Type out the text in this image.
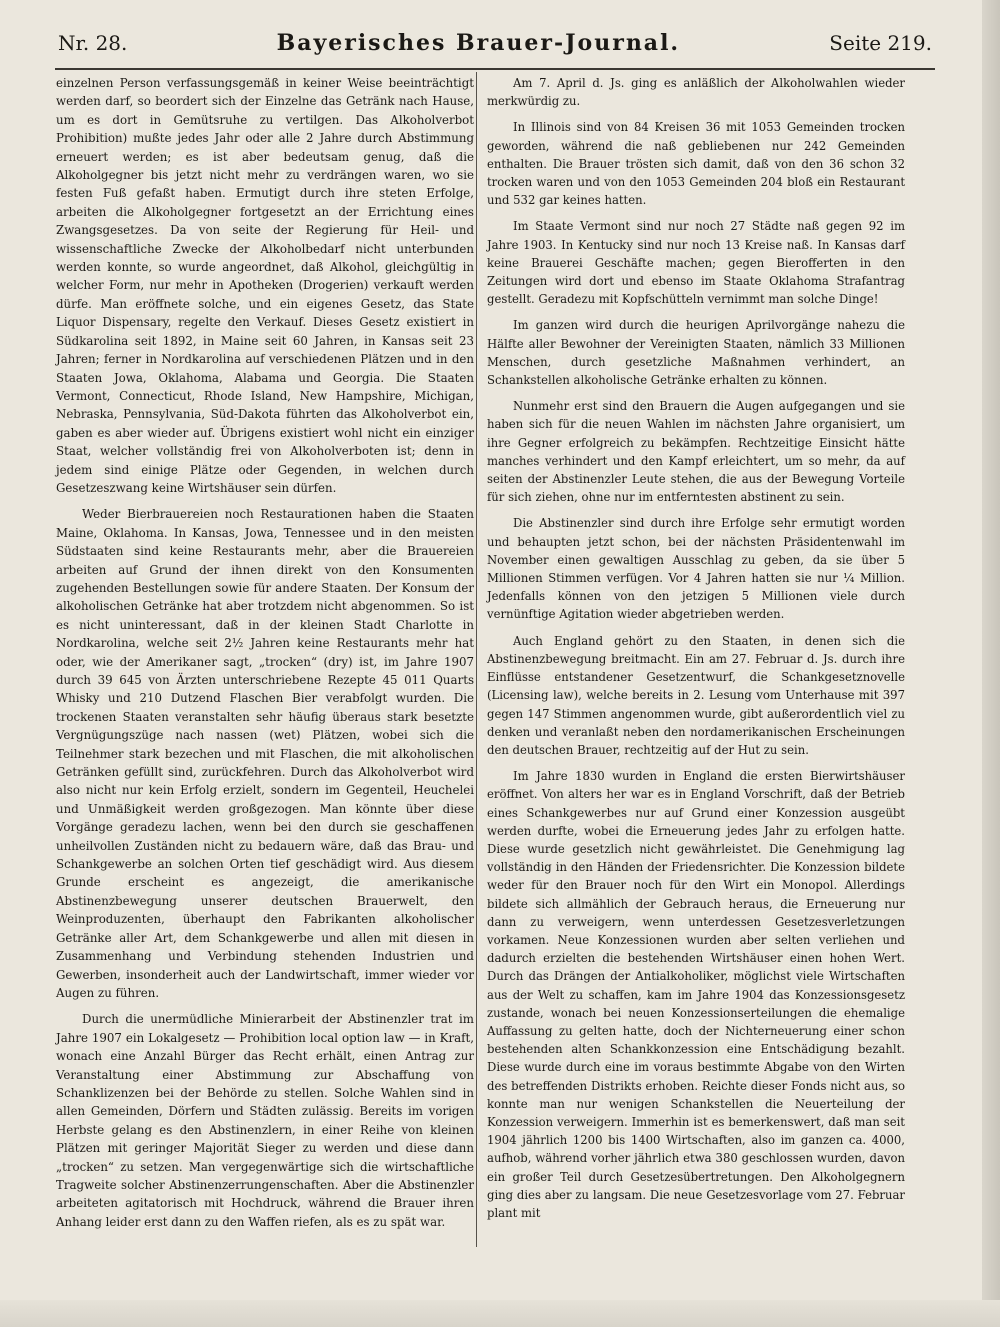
Nr. 28.	Bayerisches Brauer-Journal.	Seite 219.

einzelnen Person verfassungsgemäß in keiner Weise beeinträchtigt werden darf, so beordert sich der Einzelne das Getränk nach Hause, um es dort in Gemütsruhe zu vertilgen. Das Alkoholverbot Prohibition) mußte jedes Jahr oder alle 2 Jahre durch Abstimmung erneuert werden; es ist aber bedeutsam genug, daß die Alkoholgegner bis jetzt nicht mehr zu verdrängen waren, wo sie festen Fuß gefaßt haben. Ermutigt durch ihre steten Erfolge, arbeiten die Alkoholgegner fortgesetzt an der Errichtung eines Zwangsgesetzes. Da von seite der Regierung für Heil- und wissenschaftliche Zwecke der Alkoholbedarf nicht unterbunden werden konnte, so wurde angeordnet, daß Alkohol, gleichgültig in welcher Form, nur mehr in Apotheken (Drogerien) verkauft werden dürfe. Man eröffnete solche, und ein eigenes Gesetz, das State Liquor Dispensary, regelte den Verkauf. Dieses Gesetz existiert in Südkarolina seit 1892, in Maine seit 60 Jahren, in Kansas seit 23 Jahren; ferner in Nordkarolina auf verschiedenen Plätzen und in den Staaten Jowa, Oklahoma, Alabama und Georgia. Die Staaten Vermont, Connecticut, Rhode Island, New Hampshire, Michigan, Nebraska, Pennsylvania, Süd-Dakota führten das Alkoholverbot ein, gaben es aber wieder auf. Übrigens existiert wohl nicht ein einziger Staat, welcher vollständig frei von Alkoholverboten ist; denn in jedem sind einige Plätze oder Gegenden, in welchen durch Gesetzeszwang keine Wirtshäuser sein dürfen.

Weder Bierbrauereien noch Restaurationen haben die Staaten Maine, Oklahoma. In Kansas, Jowa, Tennessee und in den meisten Südstaaten sind keine Restaurants mehr, aber die Brauereien arbeiten auf Grund der ihnen direkt von den Konsumenten zugehenden Bestellungen sowie für andere Staaten. Der Konsum der alkoholischen Getränke hat aber trotzdem nicht abgenommen. So ist es nicht uninteressant, daß in der kleinen Stadt Charlotte in Nordkarolina, welche seit 2½ Jahren keine Restaurants mehr hat oder, wie der Amerikaner sagt, „trocken“ (dry) ist, im Jahre 1907 durch 39 645 von Ärzten unterschriebene Rezepte 45 011 Quarts Whisky und 210 Dutzend Flaschen Bier verabfolgt wurden. Die trockenen Staaten veranstalten sehr häufig überaus stark besetzte Vergnügungszüge nach nassen (wet) Plätzen, wobei sich die Teilnehmer stark bezechen und mit Flaschen, die mit alkoholischen Getränken gefüllt sind, zurückfehren. Durch das Alkoholverbot wird also nicht nur kein Erfolg erzielt, sondern im Gegenteil, Heuchelei und Unmäßigkeit werden großgezogen. Man könnte über diese Vorgänge geradezu lachen, wenn bei den durch sie geschaffenen unheilvollen Zuständen nicht zu bedauern wäre, daß das Brau- und Schankgewerbe an solchen Orten tief geschädigt wird. Aus diesem Grunde erscheint es angezeigt, die amerikanische Abstinenzbewegung unserer deutschen Brauerwelt, den Weinproduzenten, überhaupt den Fabrikanten alkoholischer Getränke aller Art, dem Schankgewerbe und allen mit diesen in Zusammenhang und Verbindung stehenden Industrien und Gewerben, insonderheit auch der Landwirtschaft, immer wieder vor Augen zu führen.

Durch die unermüdliche Minierarbeit der Abstinenzler trat im Jahre 1907 ein Lokalgesetz — Prohibition local option law — in Kraft, wonach eine Anzahl Bürger das Recht erhält, einen Antrag zur Veranstaltung einer Abstimmung zur Abschaffung von Schanklizenzen bei der Behörde zu stellen. Solche Wahlen sind in allen Gemeinden, Dörfern und Städten zulässig. Bereits im vorigen Herbste gelang es den Abstinenzlern, in einer Reihe von kleinen Plätzen mit geringer Majorität Sieger zu werden und diese dann „trocken“ zu setzen. Man vergegenwärtige sich die wirtschaftliche Tragweite solcher Abstinenzerrungenschaften. Aber die Abstinenzler arbeiteten agitatorisch mit Hochdruck, während die Brauer ihren Anhang leider erst dann zu den Waffen riefen, als es zu spät war.

Am 7. April d. Js. ging es anläßlich der Alkoholwahlen wieder merkwürdig zu.

In Illinois sind von 84 Kreisen 36 mit 1053 Gemeinden trocken geworden, während die naß gebliebenen nur 242 Gemeinden enthalten. Die Brauer trösten sich damit, daß von den 36 schon 32 trocken waren und von den 1053 Gemeinden 204 bloß ein Restaurant und 532 gar keines hatten.

Im Staate Vermont sind nur noch 27 Städte naß gegen 92 im Jahre 1903. In Kentucky sind nur noch 13 Kreise naß. In Kansas darf keine Brauerei Geschäfte machen; gegen Bierofferten in den Zeitungen wird dort und ebenso im Staate Oklahoma Strafantrag gestellt. Geradezu mit Kopfschütteln vernimmt man solche Dinge!

Im ganzen wird durch die heurigen Aprilvorgänge nahezu die Hälfte aller Bewohner der Vereinigten Staaten, nämlich 33 Millionen Menschen, durch gesetzliche Maßnahmen verhindert, an Schankstellen alkoholische Getränke erhalten zu können.

Nunmehr erst sind den Brauern die Augen aufgegangen und sie haben sich für die neuen Wahlen im nächsten Jahre organisiert, um ihre Gegner erfolgreich zu bekämpfen. Rechtzeitige Einsicht hätte manches verhindert und den Kampf erleichtert, um so mehr, da auf seiten der Abstinenzler Leute stehen, die aus der Bewegung Vorteile für sich ziehen, ohne nur im entferntesten abstinent zu sein.

Die Abstinenzler sind durch ihre Erfolge sehr ermutigt worden und behaupten jetzt schon, bei der nächsten Präsidentenwahl im November einen gewaltigen Ausschlag zu geben, da sie über 5 Millionen Stimmen verfügen. Vor 4 Jahren hatten sie nur ¼ Million. Jedenfalls können von den jetzigen 5 Millionen viele durch vernünftige Agitation wieder abgetrieben werden.

Auch England gehört zu den Staaten, in denen sich die Abstinenzbewegung breitmacht. Ein am 27. Februar d. Js. durch ihre Einflüsse entstandener Gesetzentwurf, die Schankgesetznovelle (Licensing law), welche bereits in 2. Lesung vom Unterhause mit 397 gegen 147 Stimmen angenommen wurde, gibt außerordentlich viel zu denken und veranlaßt neben den nordamerikanischen Erscheinungen den deutschen Brauer, rechtzeitig auf der Hut zu sein.

Im Jahre 1830 wurden in England die ersten Bierwirtshäuser eröffnet. Von alters her war es in England Vorschrift, daß der Betrieb eines Schankgewerbes nur auf Grund einer Konzession ausgeübt werden durfte, wobei die Erneuerung jedes Jahr zu erfolgen hatte. Diese wurde gesetzlich nicht gewährleistet. Die Genehmigung lag vollständig in den Händen der Friedensrichter. Die Konzession bildete weder für den Brauer noch für den Wirt ein Monopol. Allerdings bildete sich allmählich der Gebrauch heraus, die Erneuerung nur dann zu verweigern, wenn unterdessen Gesetzesverletzungen vorkamen. Neue Konzessionen wurden aber selten verliehen und dadurch erzielten die bestehenden Wirtshäuser einen hohen Wert. Durch das Drängen der Antialkoholiker, möglichst viele Wirtschaften aus der Welt zu schaffen, kam im Jahre 1904 das Konzessionsgesetz zustande, wonach bei neuen Konzessionserteilungen die ehemalige Auffassung zu gelten hatte, doch der Nichterneuerung einer schon bestehenden alten Schankkonzession eine Entschädigung bezahlt. Diese wurde durch eine im voraus bestimmte Abgabe von den Wirten des betreffenden Distrikts erhoben. Reichte dieser Fonds nicht aus, so konnte man nur wenigen Schankstellen die Neuerteilung der Konzession verweigern. Immerhin ist es bemerkenswert, daß man seit 1904 jährlich 1200 bis 1400 Wirtschaften, also im ganzen ca. 4000, aufhob, während vorher jährlich etwa 380 geschlossen wurden, davon ein großer Teil durch Gesetzesübertretungen. Den Alkoholgegnern ging dies aber zu langsam. Die neue Gesetzesvorlage vom 27. Februar plant mit
